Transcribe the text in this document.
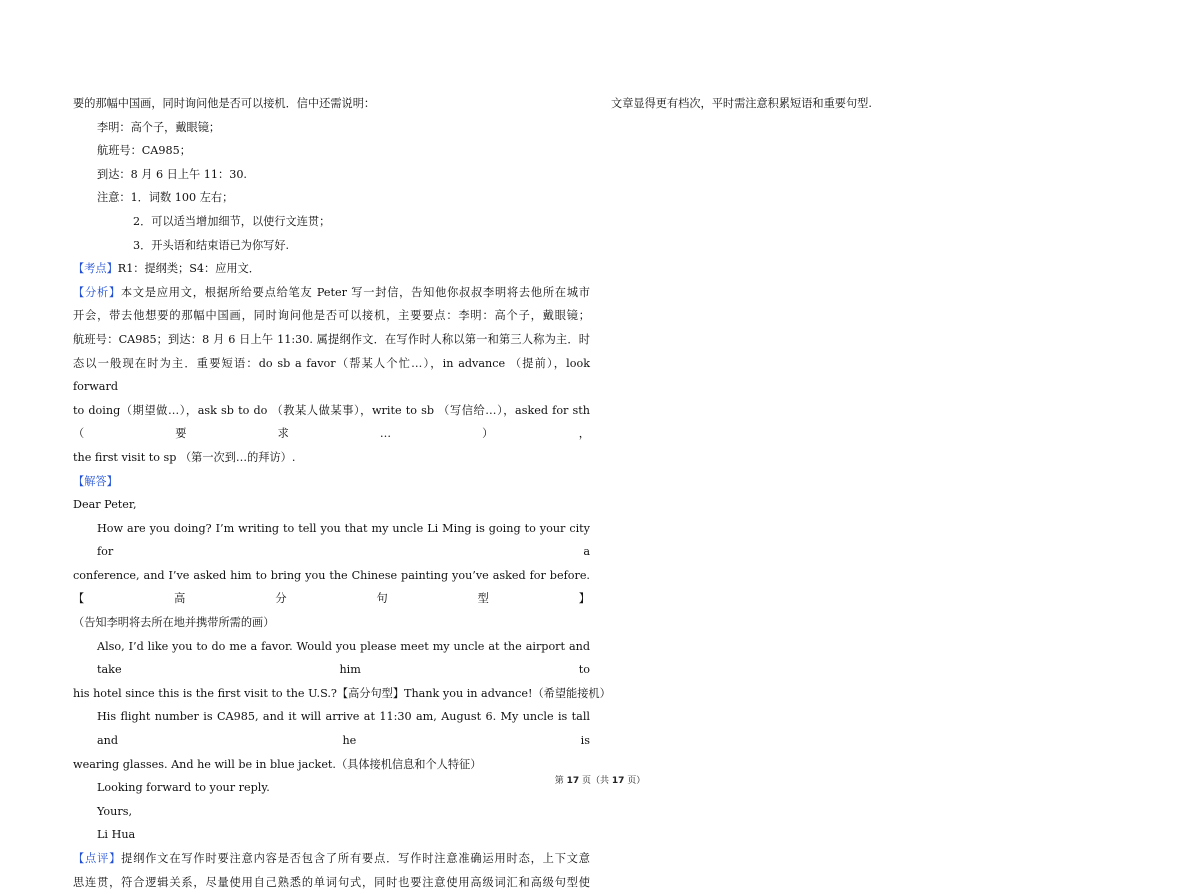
要的那幅中国画，同时询问他是否可以接机．信中还需说明：
李明：高个子，戴眼镜；
航班号：CA985；
到达：8 月 6 日上午 11：30.
注意：1．词数 100 左右；
2．可以适当增加细节，以使行文连贯；
3．开头语和结束语已为你写好.
【考点】R1：提纲类；S4：应用文．
【分析】本文是应用文，根据所给要点给笔友 Peter 写一封信，告知他你叔叔李明将去他所在城市
开会，带去他想要的那幅中国画，同时询问他是否可以接机，主要要点：李明：高个子，戴眼镜；
航班号：CA985；到达：8 月 6 日上午 11:30. 属提纲作文．在写作时人称以第一和第三人称为主．时
态以一般现在时为主．重要短语：do sb a favor（帮某人个忙…），in advance （提前），look forward
to doing（期望做…），ask sb to do （教某人做某事），write to sb （写信给…），asked for sth（要求…），
the first visit to sp （第一次到…的拜访）.
【解答】
Dear Peter,
How are you doing? I’m writing to tell you that my uncle Li Ming is going to your city for a
conference, and I’ve asked him to bring you the Chinese painting you’ve asked for before.【高分句型】
（告知李明将去所在地并携带所需的画）
Also, I’d like you to do me a favor. Would you please meet my uncle at the airport and take him to
his hotel since this is the first visit to the U.S.?【高分句型】Thank you in advance!（希望能接机）
His flight number is CA985, and it will arrive at 11:30 am, August 6. My uncle is tall and he is
wearing glasses. And he will be in blue jacket.（具体接机信息和个人特征）
Looking forward to your reply.
Yours,
Li Hua
【点评】提纲作文在写作时要注意内容是否包含了所有要点．写作时注意准确运用时态，上下文意
思连贯，符合逻辑关系，尽量使用自己熟悉的单词句式，同时也要注意使用高级词汇和高级句型使
文章显得更有档次，平时需注意积累短语和重要句型.
第 17 页（共 17 页）
